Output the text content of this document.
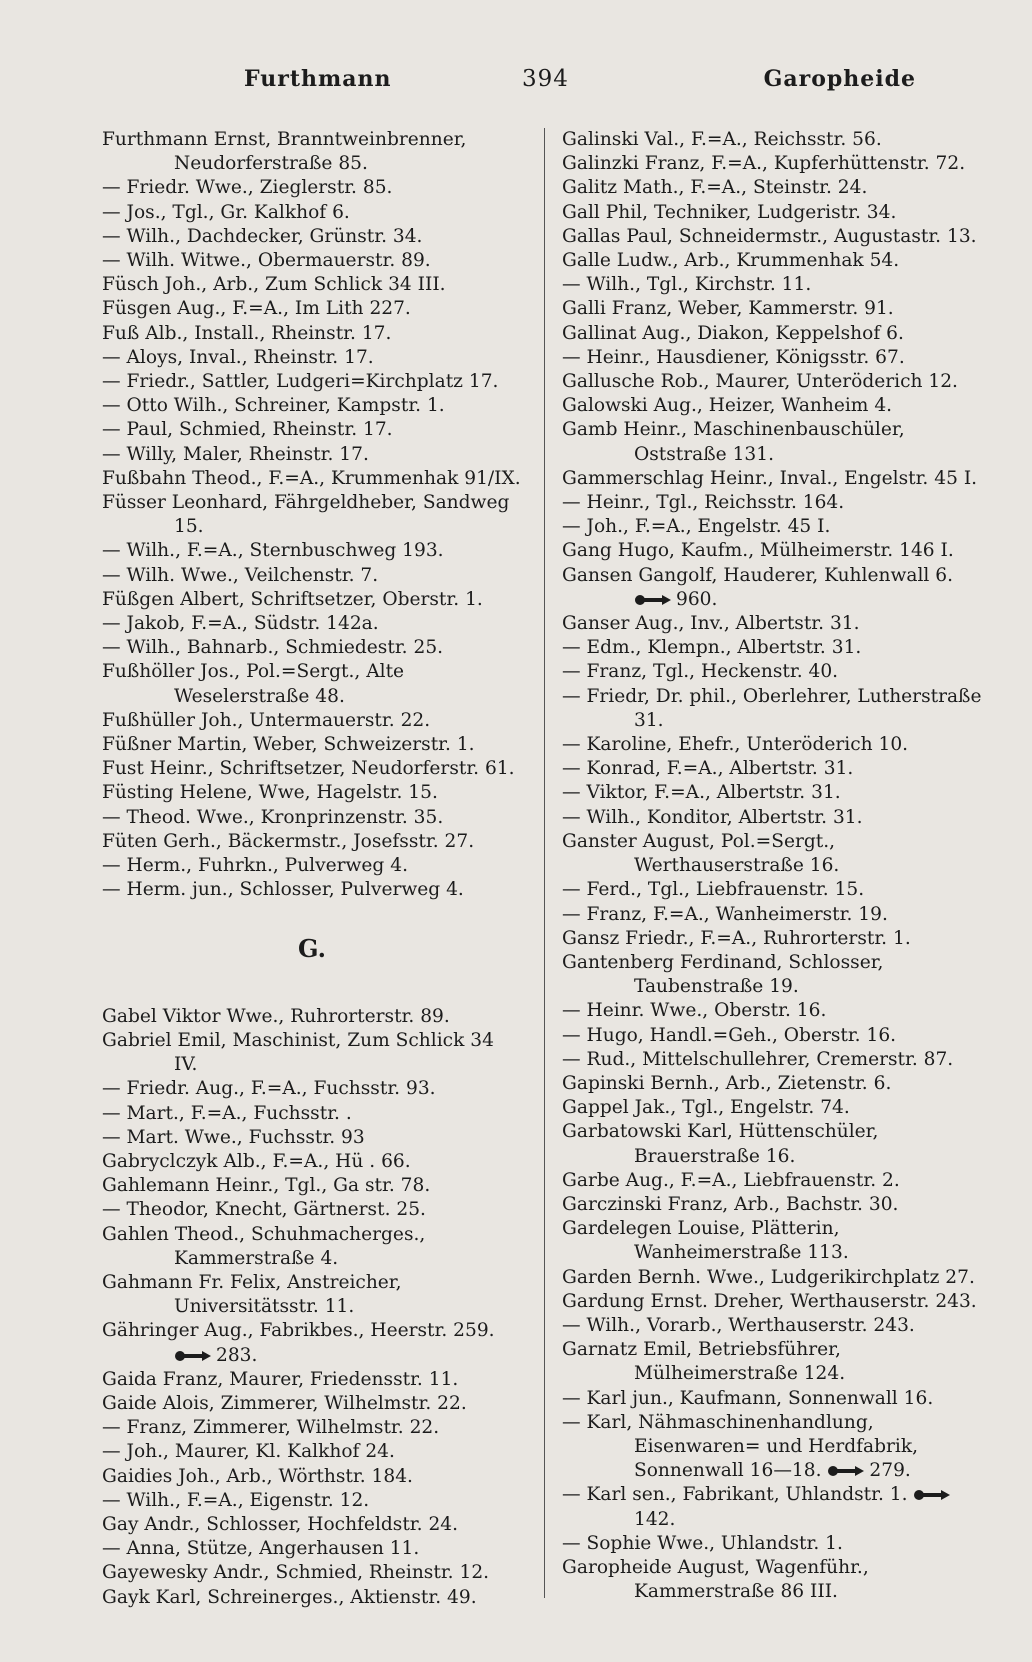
Furthmann	394	Garopheide
Furthmann Ernst, Branntweinbrenner, Neudorferstraße 85.
— Friedr. Wwe., Zieglerstr. 85.
— Jos., Tgl., Gr. Kalkhof 6.
— Wilh., Dachdecker, Grünstr. 34.
— Wilh. Witwe., Obermauerstr. 89.
Füsch Joh., Arb., Zum Schlick 34 III.
Füsgen Aug., F.=A., Im Lith 227.
Fuß Alb., Install., Rheinstr. 17.
— Aloys, Inval., Rheinstr. 17.
— Friedr., Sattler, Ludgeri=Kirchplatz 17.
— Otto Wilh., Schreiner, Kampstr. 1.
— Paul, Schmied, Rheinstr. 17.
— Willy, Maler, Rheinstr. 17.
Fußbahn Theod., F.=A., Krummenhak 91/IX.
Füsser Leonhard, Fährgeldheber, Sandweg 15.
— Wilh., F.=A., Sternbuschweg 193.
— Wilh. Wwe., Veilchenstr. 7.
Füßgen Albert, Schriftsetzer, Oberstr. 1.
— Jakob, F.=A., Südstr. 142a.
— Wilh., Bahnarb., Schmiedestr. 25.
Fußhöller Jos., Pol.=Sergt., Alte Weselerstraße 48.
Fußhüller Joh., Untermauerstr. 22.
Füßner Martin, Weber, Schweizerstr. 1.
Fust Heinr., Schriftsetzer, Neudorferstr. 61.
Füsting Helene, Wwe, Hagelstr. 15.
— Theod. Wwe., Kronprinzenstr. 35.
Füten Gerh., Bäckermstr., Josefsstr. 27.
— Herm., Fuhrkn., Pulverweg 4.
— Herm. jun., Schlosser, Pulverweg 4.
G.
Gabel Viktor Wwe., Ruhrorterstr. 89.
Gabriel Emil, Maschinist, Zum Schlick 34 IV.
— Friedr. Aug., F.=A., Fuchsstr. 93.
— Mart., F.=A., Fuchsstr. .
— Mart. Wwe., Fuchsstr. 93
Gabryclczyk Alb., F.=A., Hü . 66.
Gahlemann Heinr., Tgl., Ga str. 78.
— Theodor, Knecht, Gärtnerst. 25.
Gahlen Theod., Schuhmacherges., Kammerstraße 4.
Gahmann Fr. Felix, Anstreicher, Universitätsstr. 11.
Gähringer Aug., Fabrikbes., Heerstr. 259.
283.
Gaida Franz, Maurer, Friedensstr. 11.
Gaide Alois, Zimmerer, Wilhelmstr. 22.
— Franz, Zimmerer, Wilhelmstr. 22.
— Joh., Maurer, Kl. Kalkhof 24.
Gaidies Joh., Arb., Wörthstr. 184.
— Wilh., F.=A., Eigenstr. 12.
Gay Andr., Schlosser, Hochfeldstr. 24.
— Anna, Stütze, Angerhausen 11.
Gayewesky Andr., Schmied, Rheinstr. 12.
Gayk Karl, Schreinerges., Aktienstr. 49.
Galinski Val., F.=A., Reichsstr. 56.
Galinzki Franz, F.=A., Kupferhüttenstr. 72.
Galitz Math., F.=A., Steinstr. 24.
Gall Phil, Techniker, Ludgeristr. 34.
Gallas Paul, Schneidermstr., Augustastr. 13.
Galle Ludw., Arb., Krummenhak 54.
— Wilh., Tgl., Kirchstr. 11.
Galli Franz, Weber, Kammerstr. 91.
Gallinat Aug., Diakon, Keppelshof 6.
— Heinr., Hausdiener, Königsstr. 67.
Gallusche Rob., Maurer, Unteröderich 12.
Galowski Aug., Heizer, Wanheim 4.
Gamb Heinr., Maschinenbauschüler, Oststraße 131.
Gammerschlag Heinr., Inval., Engelstr. 45 I.
— Heinr., Tgl., Reichsstr. 164.
— Joh., F.=A., Engelstr. 45 I.
Gang Hugo, Kaufm., Mülheimerstr. 146 I.
Gansen Gangolf, Hauderer, Kuhlenwall 6.
960.
Ganser Aug., Inv., Albertstr. 31.
— Edm., Klempn., Albertstr. 31.
— Franz, Tgl., Heckenstr. 40.
— Friedr, Dr. phil., Oberlehrer, Lutherstraße 31.
— Karoline, Ehefr., Unteröderich 10.
— Konrad, F.=A., Albertstr. 31.
— Viktor, F.=A., Albertstr. 31.
— Wilh., Konditor, Albertstr. 31.
Ganster August, Pol.=Sergt., Werthauserstraße 16.
— Ferd., Tgl., Liebfrauenstr. 15.
— Franz, F.=A., Wanheimerstr. 19.
Gansz Friedr., F.=A., Ruhrorterstr. 1.
Gantenberg Ferdinand, Schlosser, Taubenstraße 19.
— Heinr. Wwe., Oberstr. 16.
— Hugo, Handl.=Geh., Oberstr. 16.
— Rud., Mittelschullehrer, Cremerstr. 87.
Gapinski Bernh., Arb., Zietenstr. 6.
Gappel Jak., Tgl., Engelstr. 74.
Garbatowski Karl, Hüttenschüler, Brauerstraße 16.
Garbe Aug., F.=A., Liebfrauenstr. 2.
Garczinski Franz, Arb., Bachstr. 30.
Gardelegen Louise, Plätterin, Wanheimerstraße 113.
Garden Bernh. Wwe., Ludgerikirchplatz 27.
Gardung Ernst. Dreher, Werthauserstr. 243.
— Wilh., Vorarb., Werthauserstr. 243.
Garnatz Emil, Betriebsführer, Mülheimerstraße 124.
— Karl jun., Kaufmann, Sonnenwall 16.
— Karl, Nähmaschinenhandlung, Eisenwaren= und Herdfabrik, Sonnenwall 16—18.	279.
— Karl sen., Fabrikant, Uhlandstr. 1. 142.
— Sophie Wwe., Uhlandstr. 1.
Garopheide August, Wagenführ., Kammerstraße 86 III.
